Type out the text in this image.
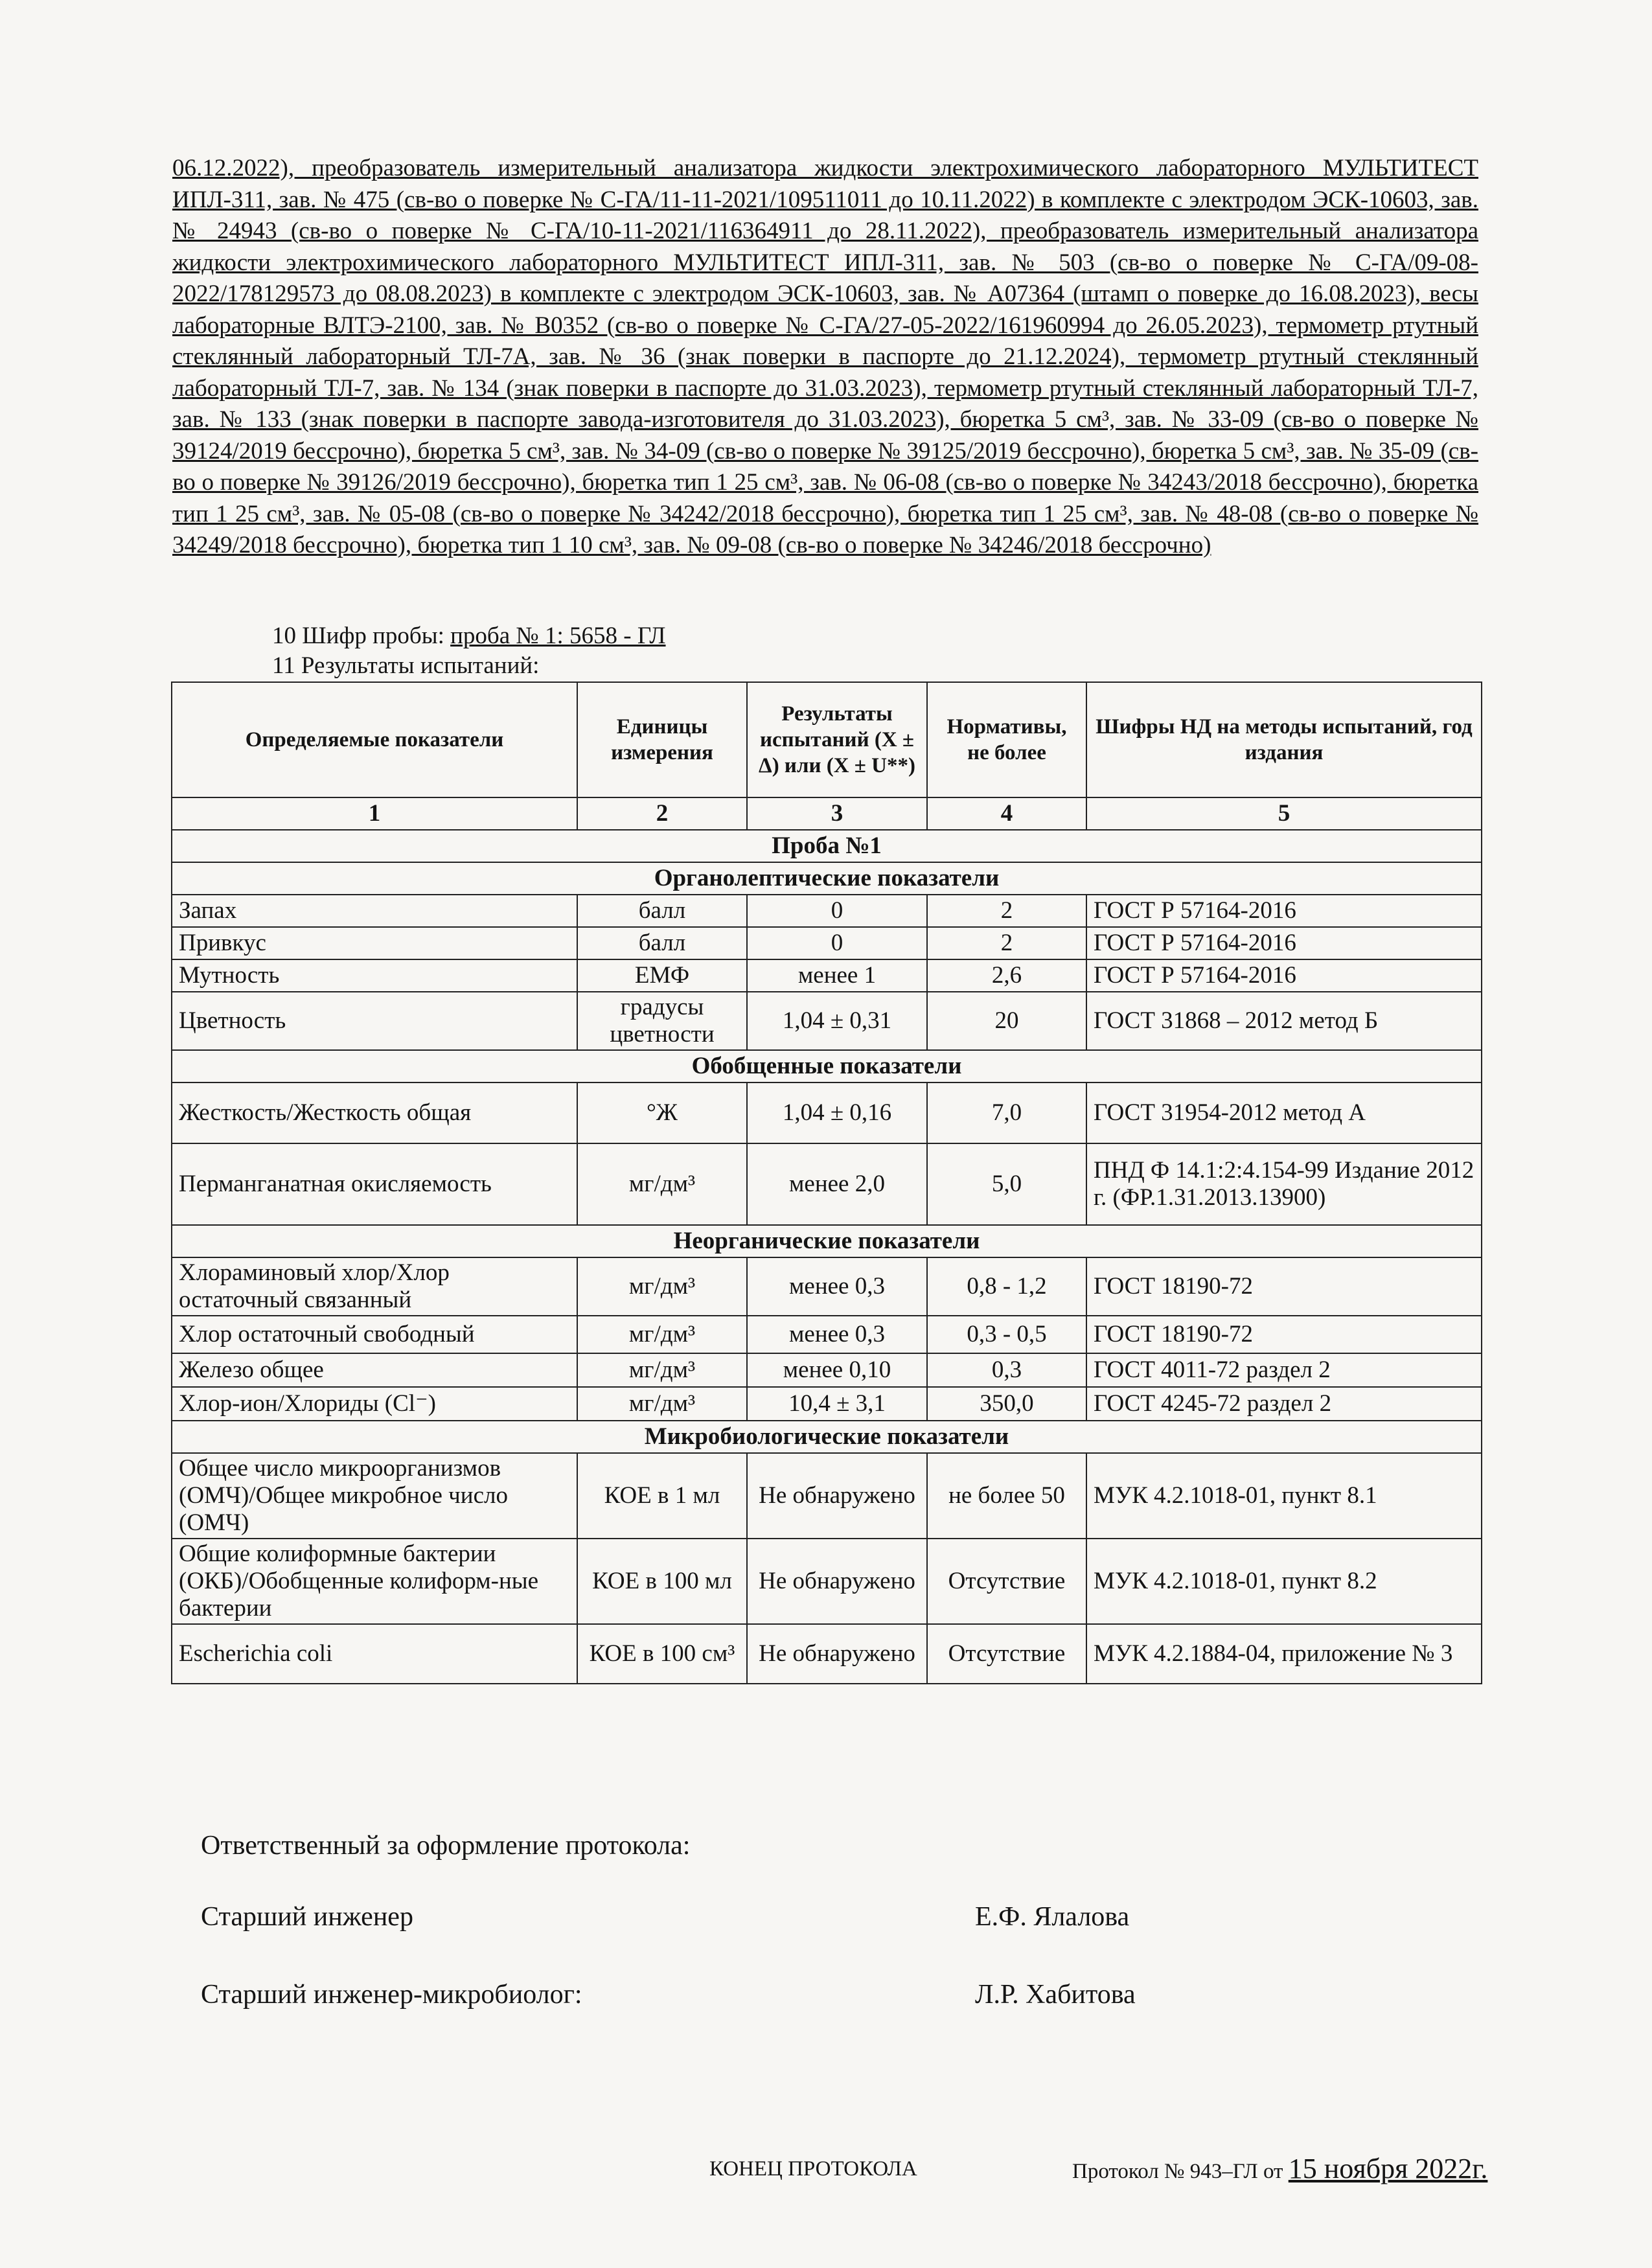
06.12.2022), преобразователь измерительный анализатора жидкости электрохимического лабораторного МУЛЬТИТЕСТ ИПЛ-311, зав. № 475 (св-во о поверке № С-ГА/11-11-2021/109511011 до 10.11.2022) в комплекте с электродом ЭСК-10603, зав. № 24943 (св-во о поверке № С-ГА/10-11-2021/116364911 до 28.11.2022), преобразователь измерительный анализатора жидкости электрохимического лабораторного МУЛЬТИТЕСТ ИПЛ-311, зав. № 503 (св-во о поверке № С-ГА/09-08-2022/178129573 до 08.08.2023) в комплекте с электродом ЭСК-10603, зав. № А07364 (штамп о поверке до 16.08.2023), весы лабораторные ВЛТЭ-2100, зав. № В0352 (св-во о поверке № С-ГА/27-05-2022/161960994 до 26.05.2023), термометр ртутный стеклянный лабораторный ТЛ-7А, зав. № 36 (знак поверки в паспорте до 21.12.2024), термометр ртутный стеклянный лабораторный ТЛ-7, зав. № 134 (знак поверки в паспорте до 31.03.2023), термометр ртутный стеклянный лабораторный ТЛ-7, зав. № 133 (знак поверки в паспорте завода-изготовителя до 31.03.2023), бюретка 5 см³, зав. № 33-09 (св-во о поверке № 39124/2019 бессрочно), бюретка 5 см³, зав. № 34-09 (св-во о поверке № 39125/2019 бессрочно), бюретка 5 см³, зав. № 35-09 (св-во о поверке № 39126/2019 бессрочно), бюретка тип 1 25 см³, зав. № 06-08 (св-во о поверке № 34243/2018 бессрочно), бюретка тип 1 25 см³, зав. № 05-08 (св-во о поверке № 34242/2018 бессрочно), бюретка тип 1 25 см³, зав. № 48-08 (св-во о поверке № 34249/2018 бессрочно), бюретка тип 1 10 см³, зав. № 09-08 (св-во о поверке № 34246/2018 бессрочно)
10 Шифр пробы: проба № 1: 5658 - ГЛ
11 Результаты испытаний:
Определяемые показатели	Единицы измерения	Результаты испытаний (X ± Δ) или (X ± U**)	Нормативы, не более	Шифры НД на методы испытаний, год издания
1	2	3	4	5
Проба №1				
Органолептические показатели				
Запах	балл	0	2	ГОСТ Р 57164-2016
Привкус	балл	0	2	ГОСТ Р 57164-2016
Мутность	ЕМФ	менее 1	2,6	ГОСТ Р 57164-2016
Цветность	градусы цветности	1,04 ± 0,31	20	ГОСТ 31868 – 2012 метод Б
Обобщенные показатели				
Жесткость/Жесткость общая	°Ж	1,04 ± 0,16	7,0	ГОСТ 31954-2012 метод А
Перманганатная окисляемость	мг/дм³	менее 2,0	5,0	ПНД Ф 14.1:2:4.154-99 Издание 2012 г. (ФР.1.31.2013.13900)
Неорганические показатели				
Хлораминовый хлор/Хлор остаточный связанный	мг/дм³	менее 0,3	0,8 - 1,2	ГОСТ 18190-72
Хлор остаточный свободный	мг/дм³	менее 0,3	0,3 - 0,5	ГОСТ 18190-72
Железо общее	мг/дм³	менее 0,10	0,3	ГОСТ 4011-72 раздел 2
Хлор-ион/Хлориды (Cl⁻)	мг/дм³	10,4 ± 3,1	350,0	ГОСТ 4245-72 раздел 2
Микробиологические показатели				
Общее число микроорганизмов (ОМЧ)/Общее микробное число (ОМЧ)	КОЕ в 1 мл	Не обнаружено	не более 50	МУК 4.2.1018-01, пункт 8.1
Общие колиформные бактерии (ОКБ)/Обобщенные колиформ-ные бактерии	КОЕ в 100 мл	Не обнаружено	Отсутствие	МУК 4.2.1018-01, пункт 8.2
Escherichia coli	КОЕ в 100 см³	Не обнаружено	Отсутствие	МУК 4.2.1884-04, приложение № 3
Ответственный за оформление протокола:
Старший инженер	Е.Ф. Ялалова
Старший инженер-микробиолог:	Л.Р. Хабитова
КОНЕЦ ПРОТОКОЛА	Протокол № 943–ГЛ от 15 ноября 2022г.
